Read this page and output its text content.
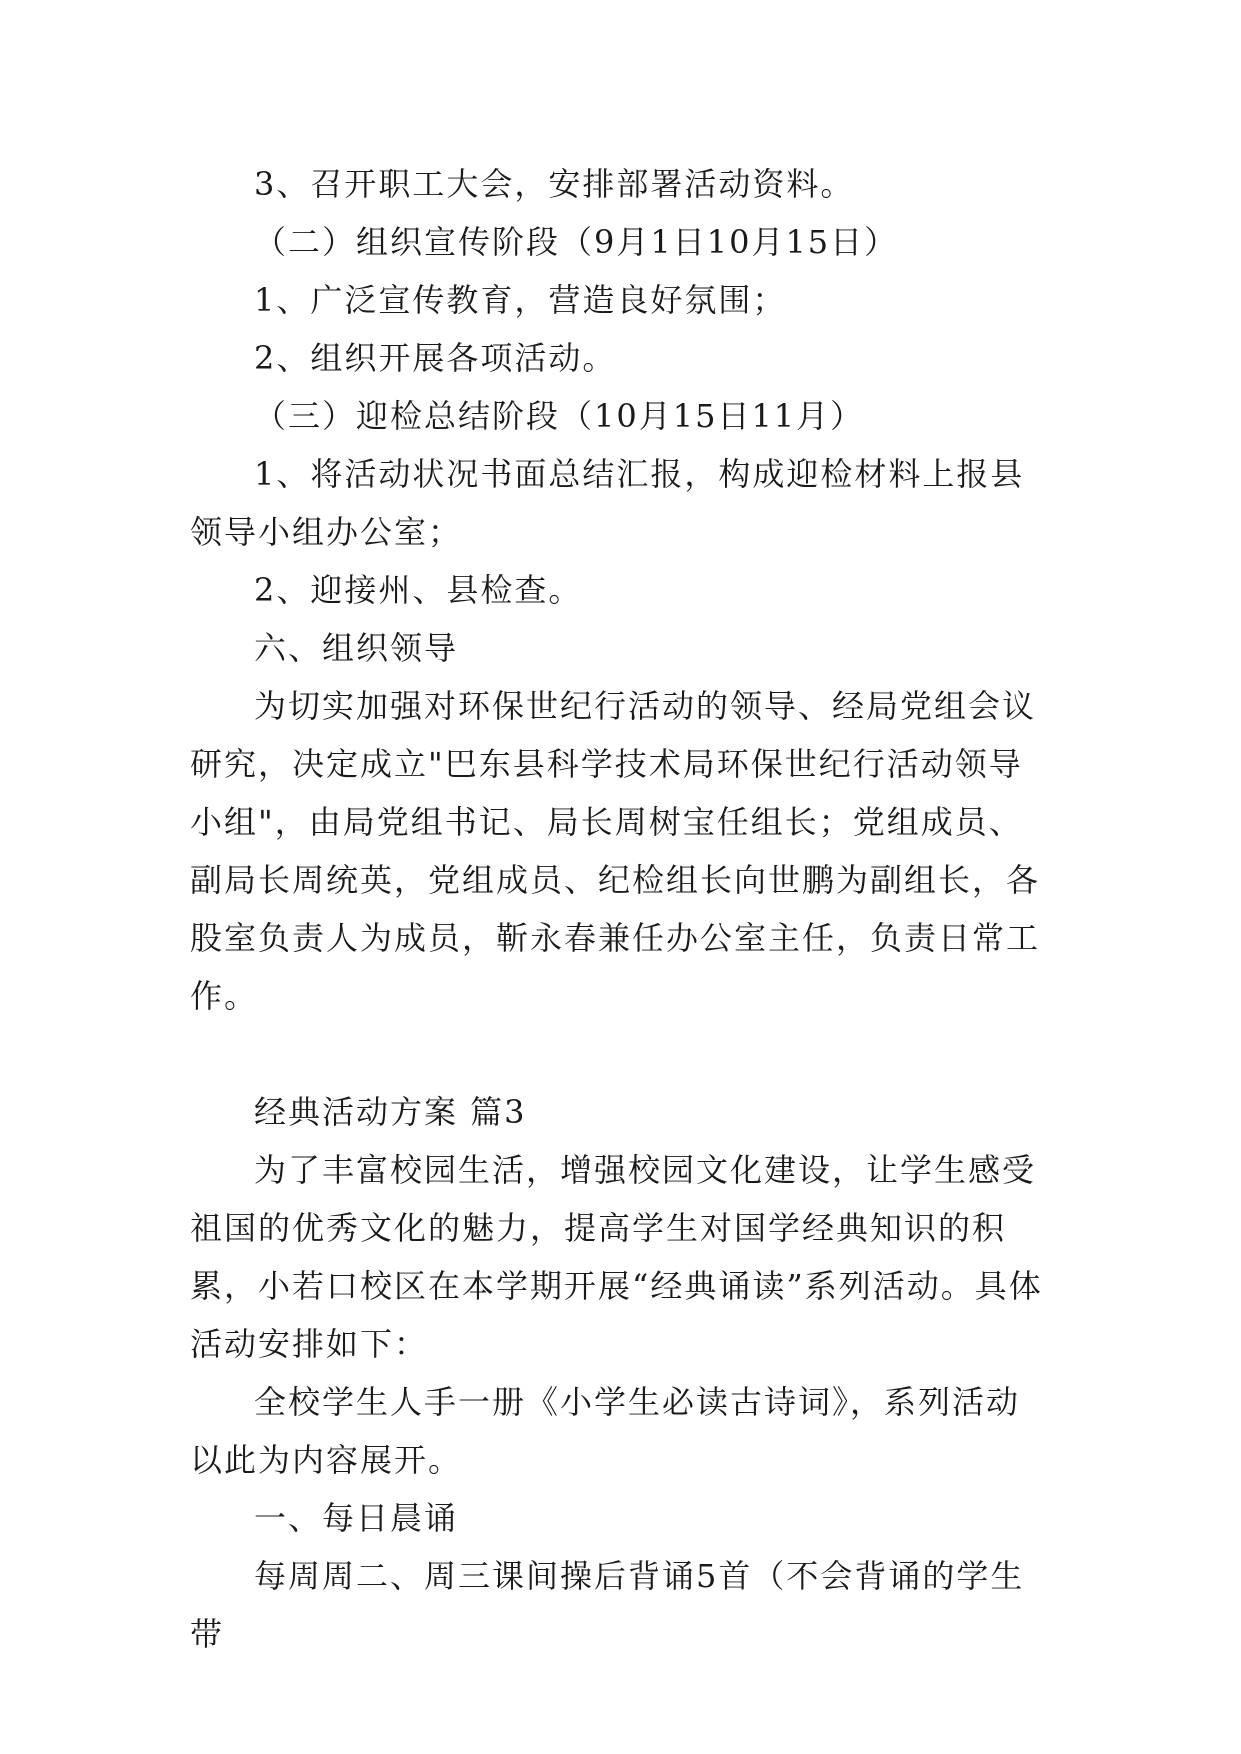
3、召开职工大会，安排部署活动资料。

（二）组织宣传阶段（9月1日10月15日）

1、广泛宣传教育，营造良好氛围；

2、组织开展各项活动。

（三）迎检总结阶段（10月15日11月）

1、将活动状况书面总结汇报，构成迎检材料上报县领导小组办公室；

2、迎接州、县检查。

六、组织领导

为切实加强对环保世纪行活动的领导、经局党组会议研究，决定成立"巴东县科学技术局环保世纪行活动领导小组"，由局党组书记、局长周树宝任组长；党组成员、副局长周统英，党组成员、纪检组长向世鹏为副组长，各股室负责人为成员，靳永春兼任办公室主任，负责日常工作。

经典活动方案 篇3

为了丰富校园生活，增强校园文化建设，让学生感受祖国的优秀文化的魅力，提高学生对国学经典知识的积累，小若口校区在本学期开展“经典诵读”系列活动。具体活动安排如下：

全校学生人手一册《小学生必读古诗词》，系列活动以此为内容展开。

一、每日晨诵

每周周二、周三课间操后背诵5首（不会背诵的学生带
